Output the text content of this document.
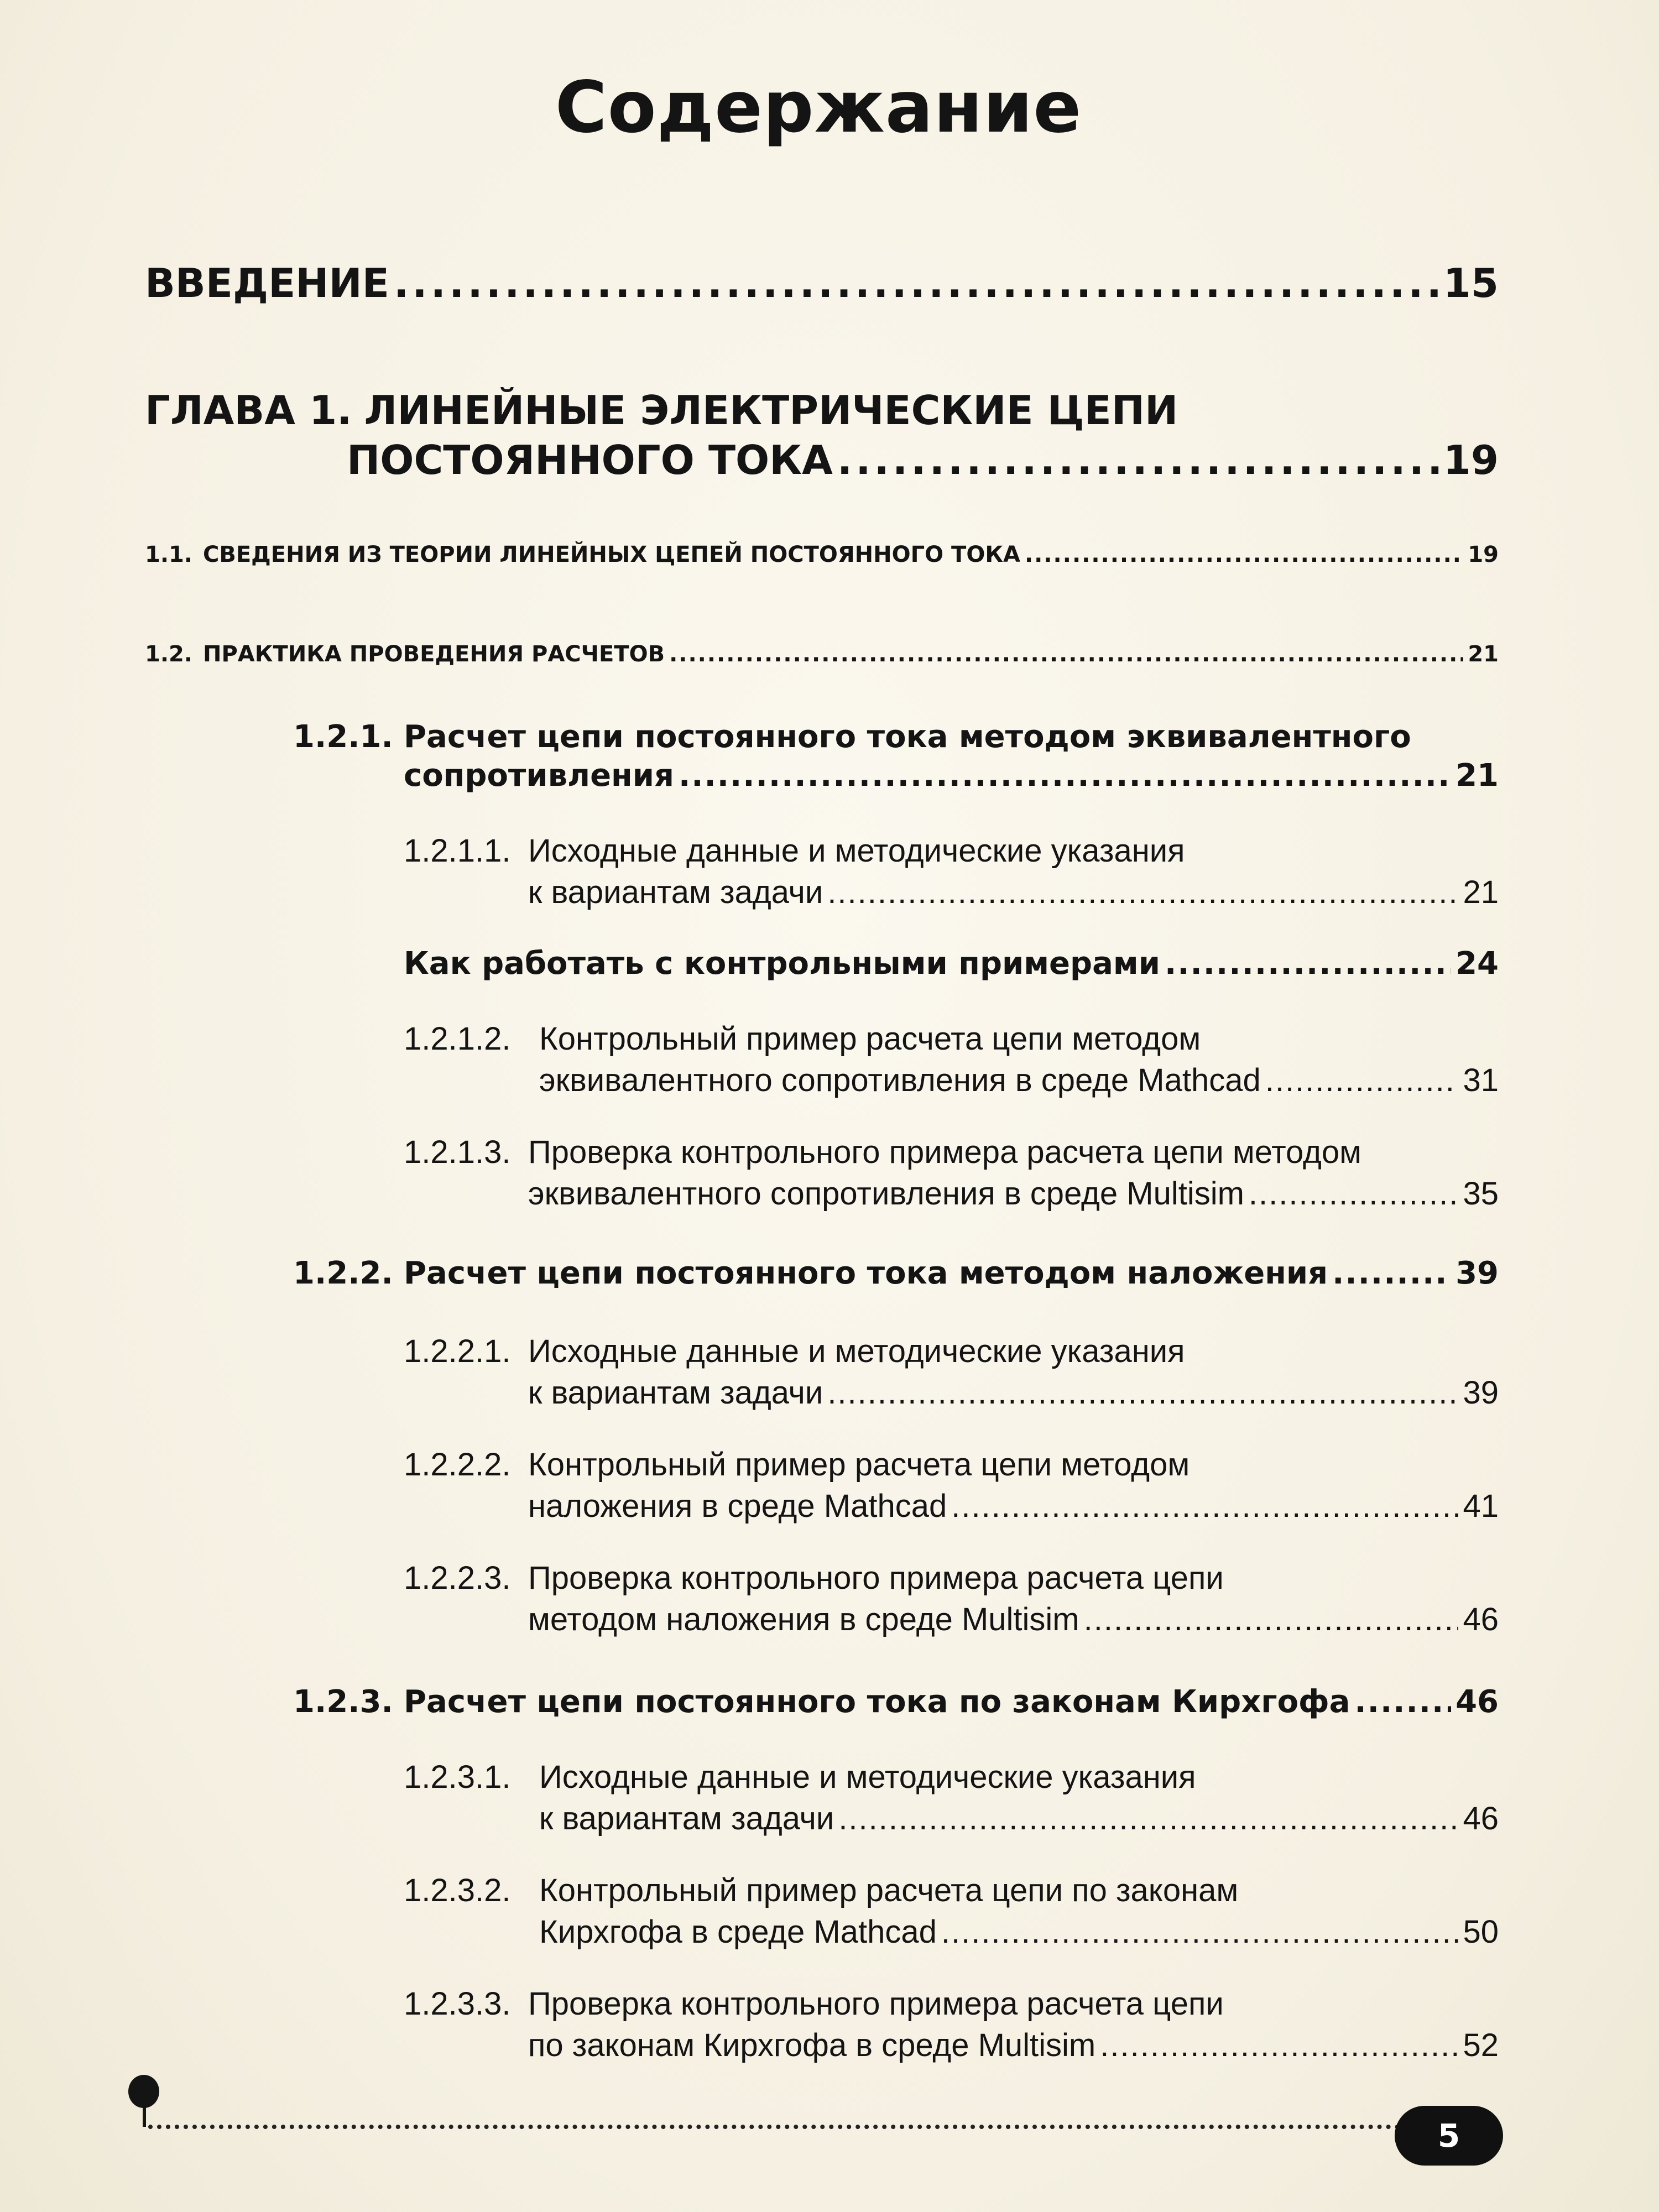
Содержание
ВВЕДЕНИЕ .....	15
ГЛАВА 1. ЛИНЕЙНЫЕ ЭЛЕКТРИЧЕСКИЕ ЦЕПИ
ПОСТОЯННОГО ТОКА .....	19
1.1. СВЕДЕНИЯ ИЗ ТЕОРИИ ЛИНЕЙНЫХ ЦЕПЕЙ ПОСТОЯННОГО ТОКА .....	19
1.2. ПРАКТИКА ПРОВЕДЕНИЯ РАСЧЕТОВ .....	21
1.2.1. Расчет цепи постоянного тока методом эквивалентного
сопротивления .....	21
1.2.1.1. Исходные данные и методические указания
к вариантам задачи .....	21
Как работать с контрольными примерами .....	24
1.2.1.2. Контрольный пример расчета цепи методом
эквивалентного сопротивления в среде Mathcad .....	31
1.2.1.3. Проверка контрольного примера расчета цепи методом
эквивалентного сопротивления в среде Multisim .....	35
1.2.2. Расчет цепи постоянного тока методом наложения .....	39
1.2.2.1. Исходные данные и методические указания
к вариантам задачи .....	39
1.2.2.2. Контрольный пример расчета цепи методом
наложения в среде Mathcad .....	41
1.2.2.3. Проверка контрольного примера расчета цепи
методом наложения в среде Multisim .....	46
1.2.3. Расчет цепи постоянного тока по законам Кирхгофа .....	46
1.2.3.1. Исходные данные и методические указания
к вариантам задачи .....	46
1.2.3.2. Контрольный пример расчета цепи по законам
Кирхгофа в среде Mathcad .....	50
1.2.3.3. Проверка контрольного примера расчета цепи
по законам Кирхгофа в среде Multisim .....	52
5
